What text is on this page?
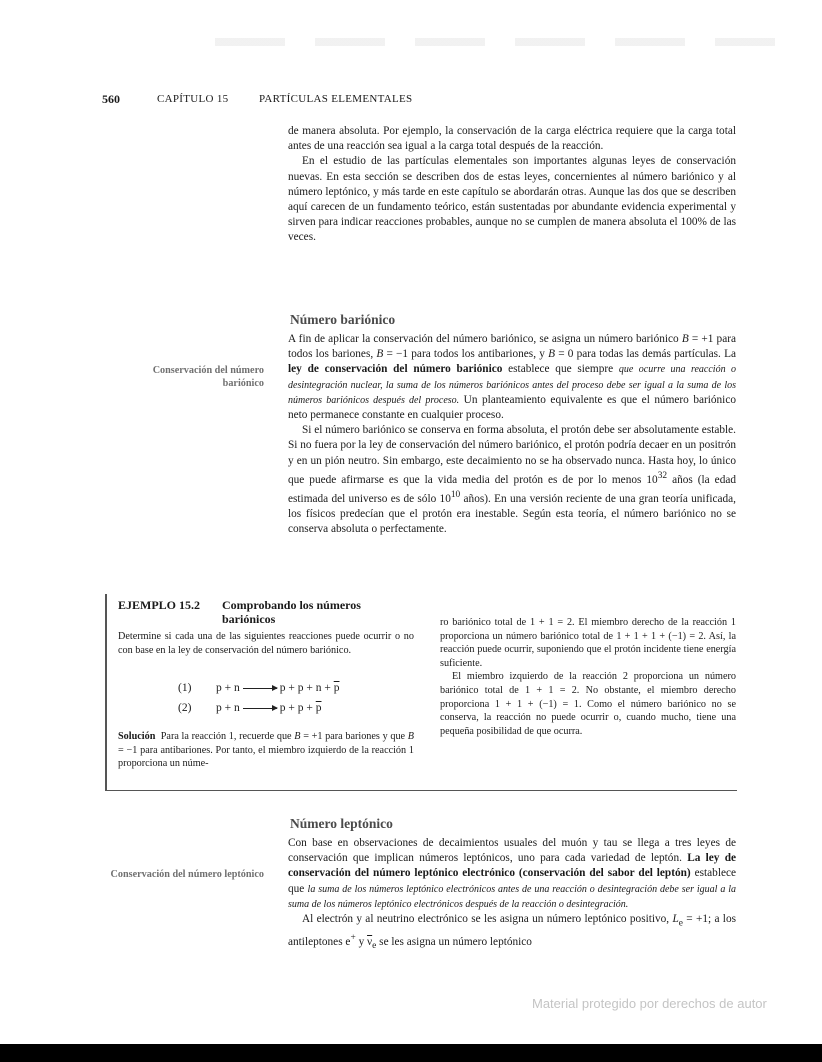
560	CAPÍTULO 15	PARTÍCULAS ELEMENTALES

de manera absoluta. Por ejemplo, la conservación de la carga eléctrica requiere que la carga total antes de una reacción sea igual a la carga total después de la reacción.

En el estudio de las partículas elementales son importantes algunas leyes de conservación nuevas. En esta sección se describen dos de estas leyes, concernientes al número bariónico y al número leptónico, y más tarde en este capítulo se abordarán otras. Aunque las dos que se describen aquí carecen de un fundamento teórico, están sustentadas por abundante evidencia experimental y sirven para indicar reacciones probables, aunque no se cumplen de manera absoluta el 100% de las veces.

Número bariónico
Conservación del número bariónico

A fin de aplicar la conservación del número bariónico, se asigna un número bariónico B = +1 para todos los bariones, B = −1 para todos los antibariones, y B = 0 para todas las demás partículas. La ley de conservación del número bariónico establece que siempre que ocurre una reacción o desintegración nuclear, la suma de los números bariónicos antes del proceso debe ser igual a la suma de los números bariónicos después del proceso. Un planteamiento equivalente es que el número bariónico neto permanece constante en cualquier proceso.

Si el número bariónico se conserva en forma absoluta, el protón debe ser absolutamente estable. Si no fuera por la ley de conservación del número bariónico, el protón podría decaer en un positrón y en un pión neutro. Sin embargo, este decaimiento no se ha observado nunca. Hasta hoy, lo único que puede afirmarse es que la vida media del protón es de por lo menos $10^{32}$ años (la edad estimada del universo es de sólo $10^{10}$ años). En una versión reciente de una gran teoría unificada, los físicos predecían que el protón era inestable. Según esta teoría, el número bariónico no se conserva absoluta o perfectamente.

EJEMPLO 15.2 Comprobando los números
bariónicos
Determine si cada una de las siguientes reacciones puede ocurrir o no con base en la ley de conservación del número bariónico.
(1) $p + n \to p + p + n + \overline{p}$
(2) $p + n \to p + p + \overline{p}$

Solución Para la reacción 1, recuerde que B = +1 para bariones y que B = −1 para antibariones. Por tanto, el miembro izquierdo de la reacción 1 proporciona un núme-

ro bariónico total de 1 + 1 = 2. El miembro derecho de la reacción 1 proporciona un número bariónico total de 1 + 1 + 1 + (−1) = 2. Así, la reacción puede ocurrir, suponiendo que el protón incidente tiene energía suficiente.

El miembro izquierdo de la reacción 2 proporciona un número bariónico total de 1 + 1 = 2. No obstante, el miembro derecho proporciona 1 + 1 + (−1) = 1. Como el número bariónico no se conserva, la reacción no puede ocurrir o, cuando mucho, tiene una pequeña posibilidad de que ocurra.

Número leptónico
Conservación del número leptónico

Con base en observaciones de decaimientos usuales del muón y tau se llega a tres leyes de conservación que implican números leptónicos, uno para cada variedad de leptón. La ley de conservación del número leptónico electrónico (conservación del sabor del leptón) establece que la suma de los números leptónico electrónicos antes de una reacción o desintegración debe ser igual a la suma de los números leptónico electrónicos después de la reacción o desintegración.

Al electrón y al neutrino electrónico se les asigna un número leptónico positivo, $L_e = +1$; a los antileptones e+ y $\overline{\nu}_e$ se les asigna un número leptónico

Material protegido por derechos de autor
